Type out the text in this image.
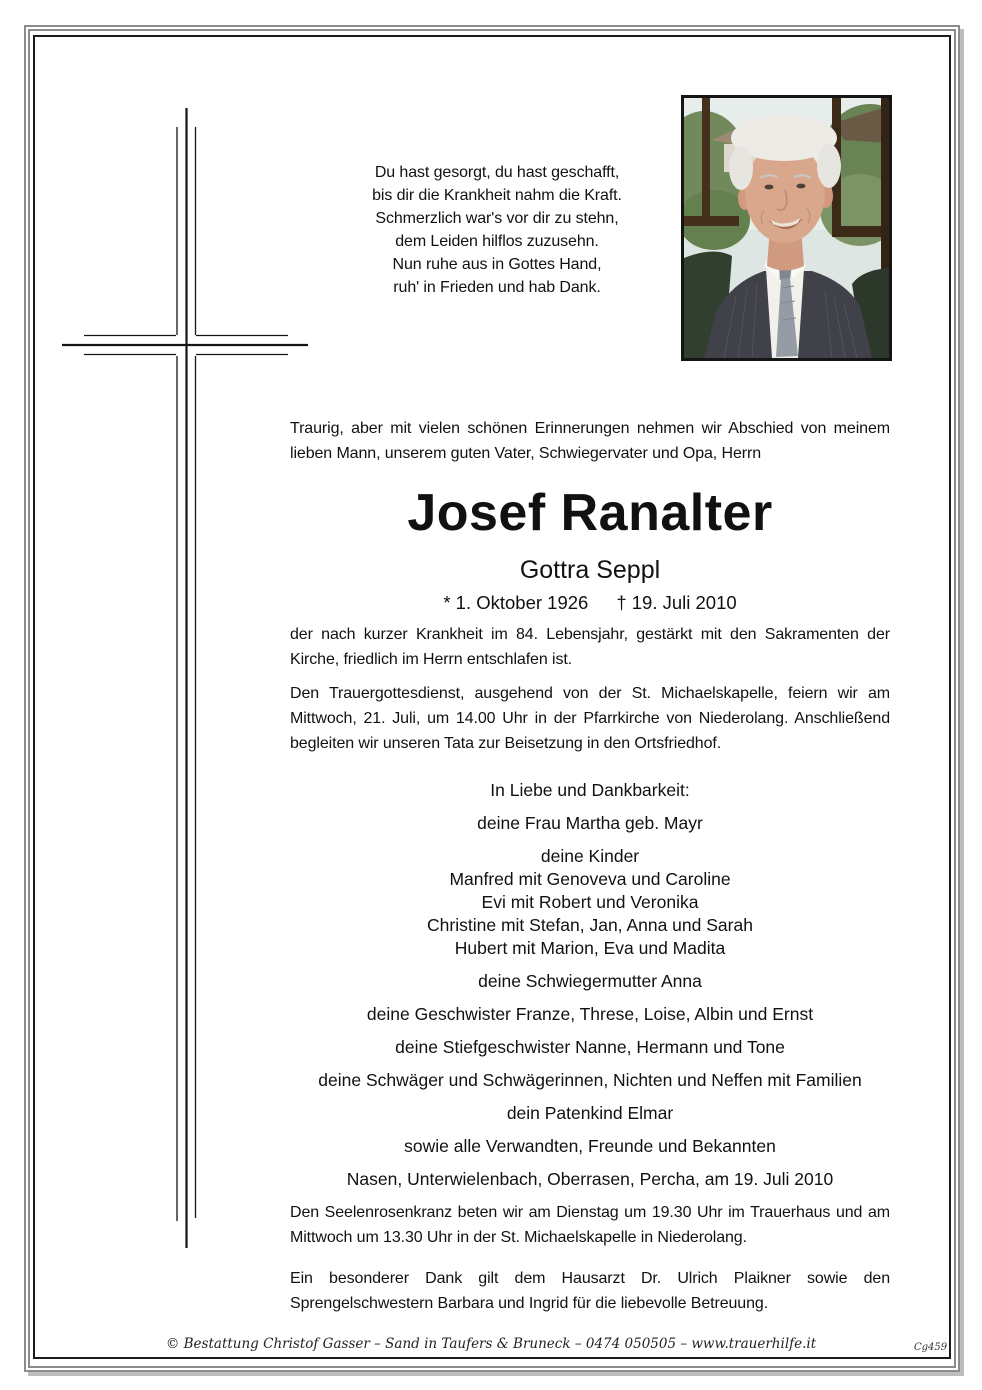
Du hast gesorgt, du hast geschafft,
bis dir die Krankheit nahm die Kraft.
Schmerzlich war's vor dir zu stehn,
dem Leiden hilflos zuzusehn.
Nun ruhe aus in Gottes Hand,
ruh' in Frieden und hab Dank.
Traurig, aber mit vielen schönen Erinnerungen nehmen wir Abschied von meinem lieben Mann, unserem guten Vater, Schwiegervater und Opa, Herrn
Josef Ranalter
Gottra Seppl
* 1. Oktober 1926 † 19. Juli 2010
der nach kurzer Krankheit im 84. Lebensjahr, gestärkt mit den Sakramenten der Kirche, friedlich im Herrn entschlafen ist.
Den Trauergottesdienst, ausgehend von der St. Michaelskapelle, feiern wir am Mittwoch, 21. Juli, um 14.00 Uhr in der Pfarrkirche von Niederolang. Anschließend begleiten wir unseren Tata zur Beisetzung in den Ortsfriedhof.
In Liebe und Dankbarkeit:
deine Frau Martha geb. Mayr
deine Kinder
Manfred mit Genoveva und Caroline
Evi mit Robert und Veronika
Christine mit Stefan, Jan, Anna und Sarah
Hubert mit Marion, Eva und Madita
deine Schwiegermutter Anna
deine Geschwister Franze, Threse, Loise, Albin und Ernst
deine Stiefgeschwister Nanne, Hermann und Tone
deine Schwäger und Schwägerinnen, Nichten und Neffen mit Familien
dein Patenkind Elmar
sowie alle Verwandten, Freunde und Bekannten
Nasen, Unterwielenbach, Oberrasen, Percha, am 19. Juli 2010
Den Seelenrosenkranz beten wir am Dienstag um 19.30 Uhr im Trauerhaus und am Mittwoch um 13.30 Uhr in der St. Michaelskapelle in Niederolang.
Ein besonderer Dank gilt dem Hausarzt Dr. Ulrich Plaikner sowie den Sprengelschwestern Barbara und Ingrid für die liebevolle Betreuung.
© Bestattung Christof Gasser – Sand in Taufers & Bruneck – 0474 050505 – www.trauerhilfe.it	Cg459
